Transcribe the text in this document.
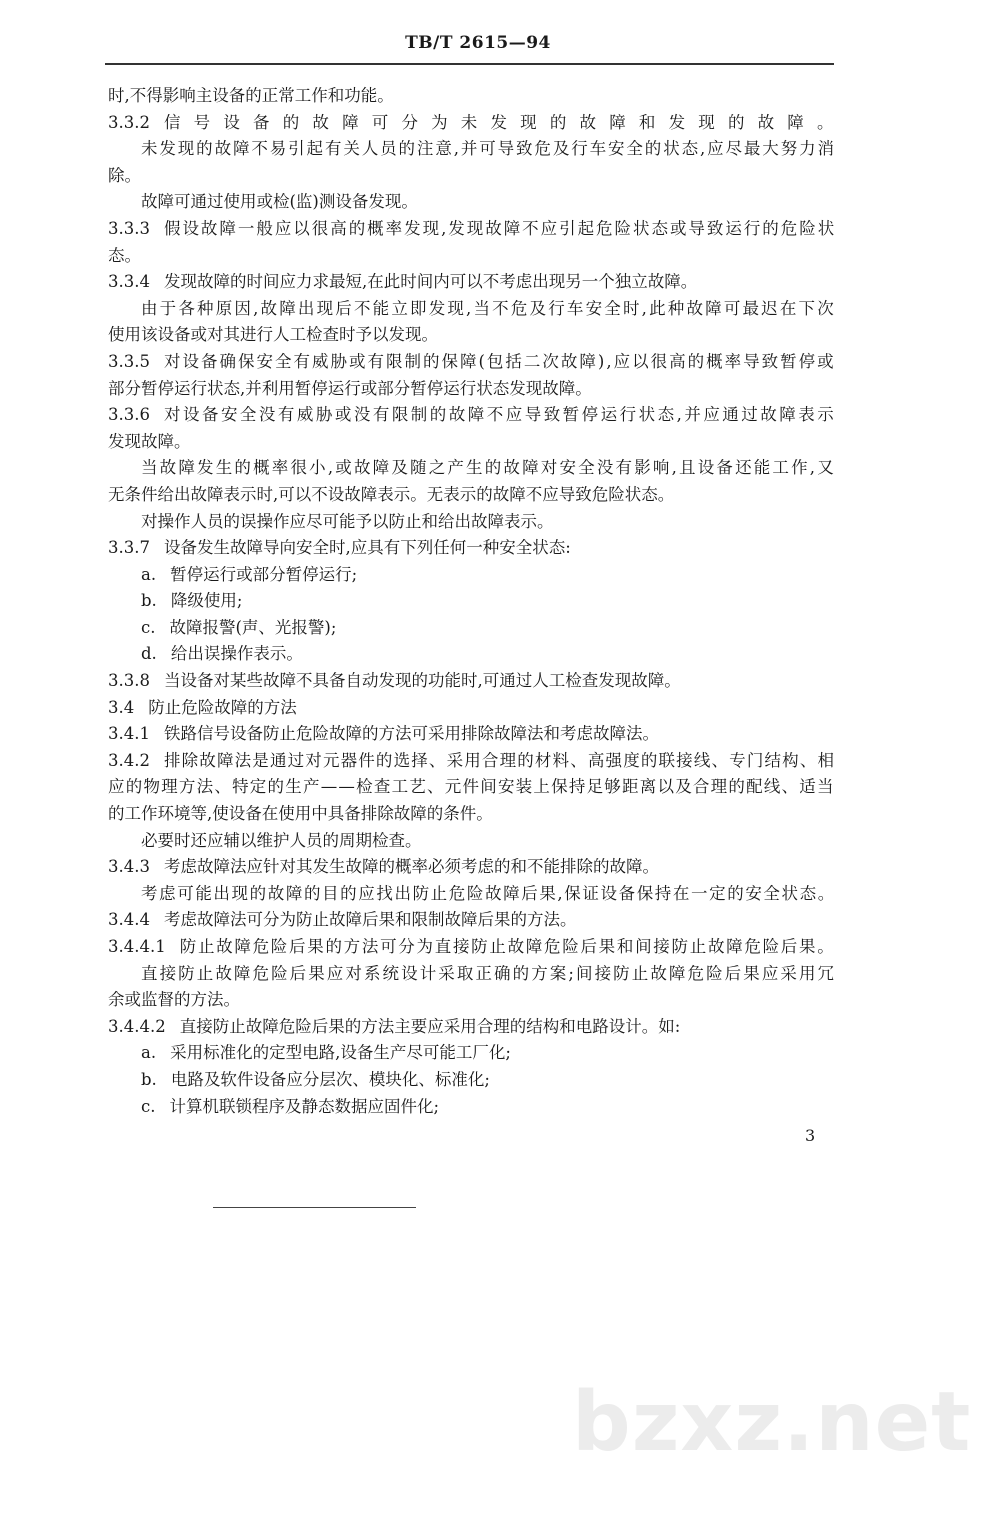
TB/T 2615—94
时,不得影响主设备的正常工作和功能。
3.3.2 信号设备的故障可分为未发现的故障和发现的故障。
未发现的故障不易引起有关人员的注意,并可导致危及行车安全的状态,应尽最大努力消
除。
故障可通过使用或检(监)测设备发现。
3.3.3 假设故障一般应以很高的概率发现,发现故障不应引起危险状态或导致运行的危险状
态。
3.3.4 发现故障的时间应力求最短,在此时间内可以不考虑出现另一个独立故障。
由于各种原因,故障出现后不能立即发现,当不危及行车安全时,此种故障可最迟在下次
使用该设备或对其进行人工检查时予以发现。
3.3.5 对设备确保安全有威胁或有限制的保障(包括二次故障),应以很高的概率导致暂停或
部分暂停运行状态,并利用暂停运行或部分暂停运行状态发现故障。
3.3.6 对设备安全没有威胁或没有限制的故障不应导致暂停运行状态,并应通过故障表示
发现故障。
当故障发生的概率很小,或故障及随之产生的故障对安全没有影响,且设备还能工作,又
无条件给出故障表示时,可以不设故障表示。无表示的故障不应导致危险状态。
对操作人员的误操作应尽可能予以防止和给出故障表示。
3.3.7 设备发生故障导向安全时,应具有下列任何一种安全状态:
a. 暂停运行或部分暂停运行;
b. 降级使用;
c. 故障报警(声、光报警);
d. 给出误操作表示。
3.3.8 当设备对某些故障不具备自动发现的功能时,可通过人工检查发现故障。
3.4 防止危险故障的方法
3.4.1 铁路信号设备防止危险故障的方法可采用排除故障法和考虑故障法。
3.4.2 排除故障法是通过对元器件的选择、采用合理的材料、高强度的联接线、专门结构、相
应的物理方法、特定的生产——检查工艺、元件间安装上保持足够距离以及合理的配线、适当
的工作环境等,使设备在使用中具备排除故障的条件。
必要时还应辅以维护人员的周期检查。
3.4.3 考虑故障法应针对其发生故障的概率必须考虑的和不能排除的故障。
考虑可能出现的故障的目的应找出防止危险故障后果,保证设备保持在一定的安全状态。
3.4.4 考虑故障法可分为防止故障后果和限制故障后果的方法。
3.4.4.1 防止故障危险后果的方法可分为直接防止故障危险后果和间接防止故障危险后果。
直接防止故障危险后果应对系统设计采取正确的方案;间接防止故障危险后果应采用冗
余或监督的方法。
3.4.4.2 直接防止故障危险后果的方法主要应采用合理的结构和电路设计。如:
a. 采用标准化的定型电路,设备生产尽可能工厂化;
b. 电路及软件设备应分层次、模块化、标准化;
c. 计算机联锁程序及静态数据应固件化;
3
bzxz.net
